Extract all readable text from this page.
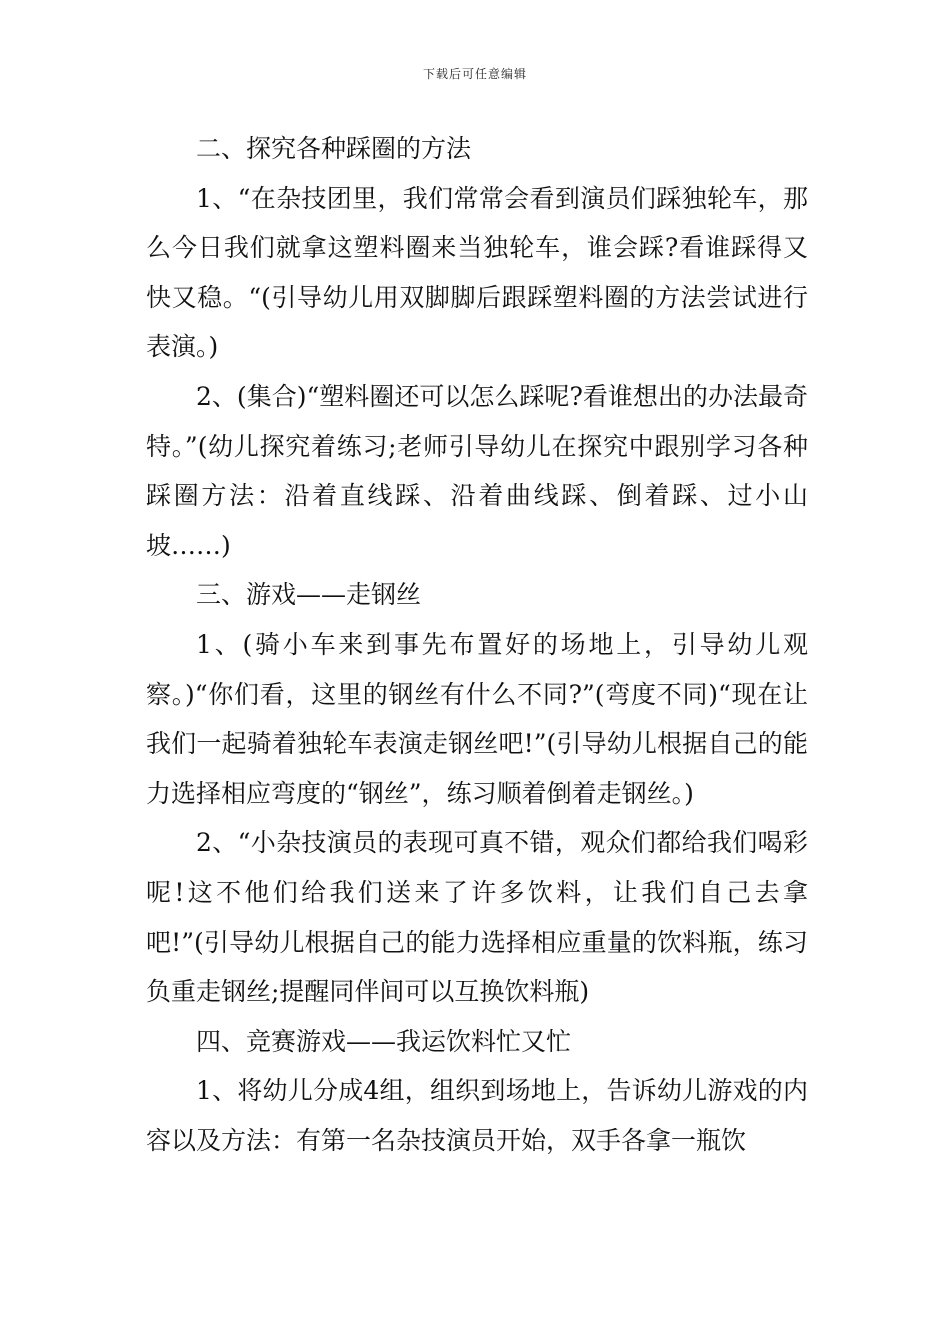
下载后可任意编辑

二、探究各种踩圈的方法

1、“在杂技团里，我们常常会看到演员们踩独轮车，那么今日我们就拿这塑料圈来当独轮车，谁会踩?看谁踩得又快又稳。“(引导幼儿用双脚脚后跟踩塑料圈的方法尝试进行表演。)

2、(集合)“塑料圈还可以怎么踩呢?看谁想出的办法最奇特。”(幼儿探究着练习;老师引导幼儿在探究中跟别学习各种踩圈方法：沿着直线踩、沿着曲线踩、倒着踩、过小山坡……)

三、游戏——走钢丝

1、(骑小车来到事先布置好的场地上，引导幼儿观察。)“你们看，这里的钢丝有什么不同?”(弯度不同)“现在让我们一起骑着独轮车表演走钢丝吧!”(引导幼儿根据自己的能力选择相应弯度的“钢丝”，练习顺着倒着走钢丝。)

2、“小杂技演员的表现可真不错，观众们都给我们喝彩呢!这不他们给我们送来了许多饮料，让我们自己去拿吧!”(引导幼儿根据自己的能力选择相应重量的饮料瓶，练习负重走钢丝;提醒同伴间可以互换饮料瓶)

四、竞赛游戏——我运饮料忙又忙

1、将幼儿分成4组，组织到场地上，告诉幼儿游戏的内容以及方法：有第一名杂技演员开始，双手各拿一瓶饮
